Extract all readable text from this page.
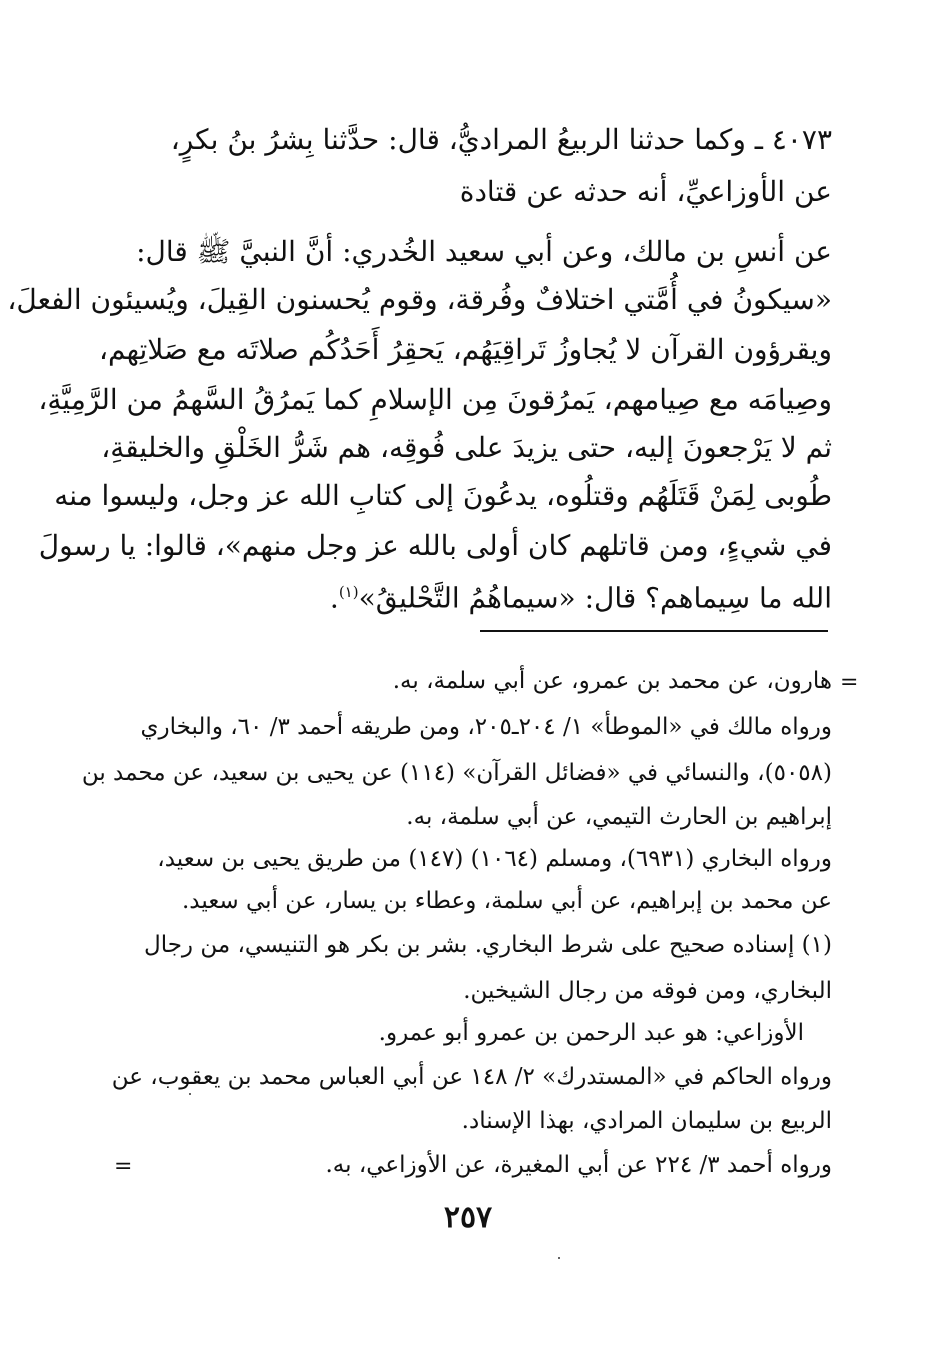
٤٠٧٣ ـ وكما حدثنا الربيعُ المراديُّ، قال: حدَّثنا بِشرُ بنُ بكرٍ،
عن الأوزاعيِّ، أنه حدثه عن قتادة
عن أنسِ بن مالك، وعن أبي سعيد الخُدري: أنَّ النبيَّ ﷺ قال:
«سيكونُ في أُمَّتي اختلافٌ وفُرقة، وقوم يُحسنون القِيلَ، ويُسيئون الفعلَ،
ويقرؤون القرآن لا يُجاوزُ تَراقِيَهُم، يَحقِرُ أَحَدُكُم صلاتَه مع صَلاتِهم،
وصِيامَه مع صِيامهم، يَمرُقونَ مِن الإسلامِ كما يَمرُقُ السَّهمُ من الرَّمِيَّةِ،
ثم لا يَرْجعونَ إليه، حتى يزيدَ على فُوقِه، هم شَرُّ الخَلْقِ والخليقةِ،
طُوبى لِمَنْ قَتَلَهُم وقتلُوه، يدعُونَ إلى كتابِ الله عز وجل، وليسوا منه
في شيءٍ، ومن قاتلهم كان أولى بالله عز وجل منهم»، قالوا: يا رسولَ
الله ما سِيماهم؟ قال: «سيماهُمُ التَّحْليقُ»$^{(١)}$.
=
هارون، عن محمد بن عمرو، عن أبي سلمة، به.
ورواه مالك في «الموطأ» ١/ ٢٠٤ـ٢٠٥، ومن طريقه أحمد ٣/ ٦٠، والبخاري
(٥٠٥٨)، والنسائي في «فضائل القرآن» (١١٤) عن يحيى بن سعيد، عن محمد بن
إبراهيم بن الحارث التيمي، عن أبي سلمة، به.
ورواه البخاري (٦٩٣١)، ومسلم (١٠٦٤) (١٤٧) من طريق يحيى بن سعيد،
عن محمد بن إبراهيم، عن أبي سلمة، وعطاء بن يسار، عن أبي سعيد.
(١) إسناده صحيح على شرط البخاري. بشر بن بكر هو التنيسي، من رجال
البخاري، ومن فوقه من رجال الشيخين.
الأوزاعي: هو عبد الرحمن بن عمرو أبو عمرو.
ورواه الحاكم في «المستدرك» ٢/ ١٤٨ عن أبي العباس محمد بن يعقوب، عن
الربيع بن سليمان المرادي، بهذا الإسناد.
ورواه أحمد ٣/ ٢٢٤ عن أبي المغيرة، عن الأوزاعي، به.
=
٢٥٧
